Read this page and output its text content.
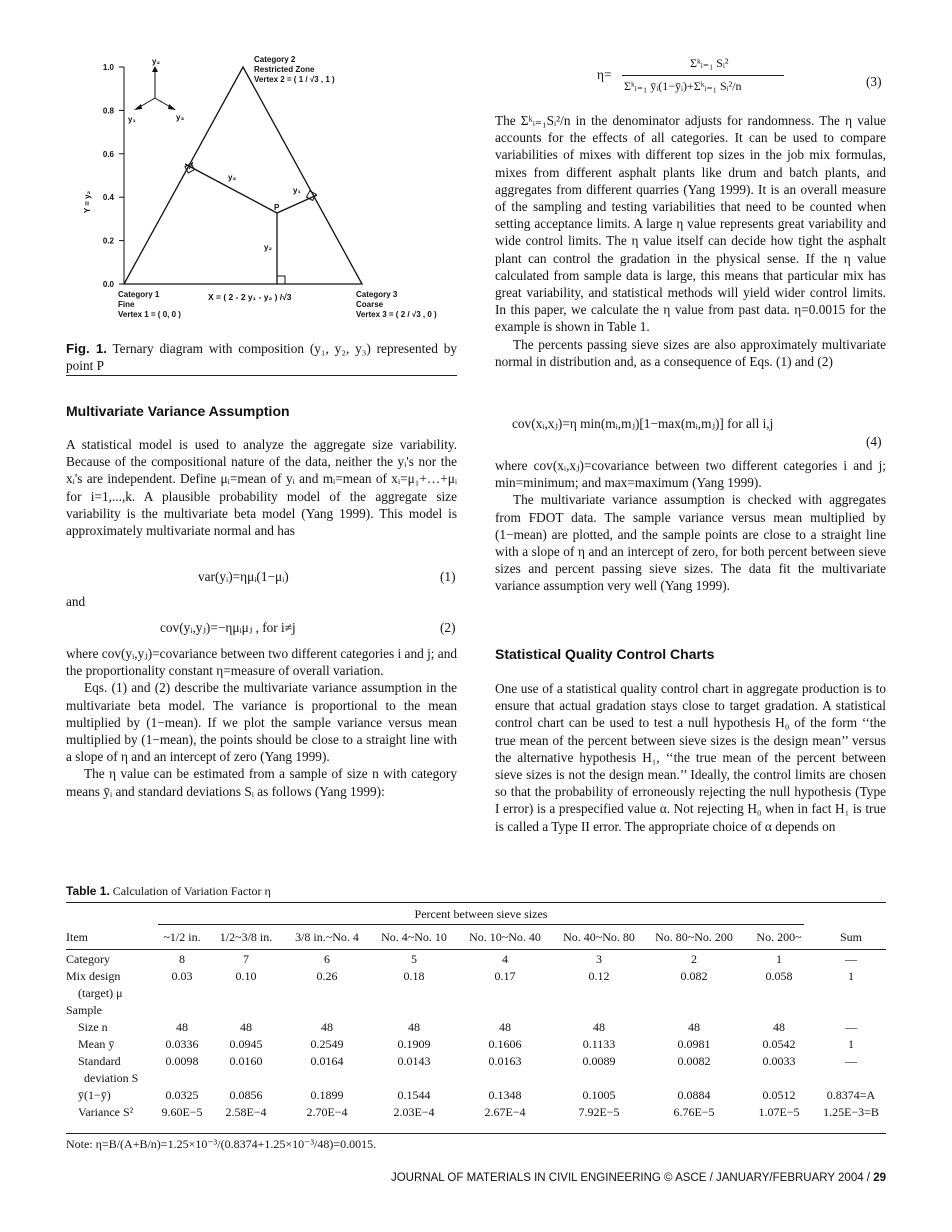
1.0
0.8
0.6
0.4
0.2
0.0
Y = y₂	P
y₂
y₃
y₁
y₂
y₁	y₃
Category 2
Restricted Zone
Vertex 2 = ( 1 / √3 , 1 )
Category 1
Fine
Vertex 1 = ( 0, 0 )
Category 3
Coarse
Vertex 3 = ( 2 / √3 , 0 )
X = ( 2 - 2 y₁ - y₂ ) /√3
Fig. 1. Ternary diagram with composition (y₁, y₂, y₃) represented by point P
Multivariate Variance Assumption

A statistical model is used to analyze the aggregate size variability. Because of the compositional nature of the data, neither the yᵢ's nor the xᵢ's are independent. Define μᵢ=mean of yᵢ and mᵢ=mean of xᵢ=μ₁+…+μᵢ for i=1,...,k. A plausible probability model of the aggregate size variability is the multivariate beta model (Yang 1999). This model is approximately multivariate normal and has

var(yᵢ)=ημᵢ(1−μᵢ)	(1)
and
cov(yᵢ,yⱼ)=−ημᵢμⱼ , for i≠j	(2)

where cov(yᵢ,yⱼ)=covariance between two different categories i and j; and the proportionality constant η=measure of overall variation.

Eqs. (1) and (2) describe the multivariate variance assumption in the multivariate beta model. The variance is proportional to the mean multiplied by (1−mean). If we plot the sample variance versus mean multiplied by (1−mean), the points should be close to a straight line with a slope of η and an intercept of zero (Yang 1999).

The η value can be estimated from a sample of size n with category means ȳᵢ and standard deviations Sᵢ as follows (Yang 1999):

η=
Σᵏᵢ₌₁ Sᵢ²
Σᵏᵢ₌₁ ȳᵢ(1−ȳᵢ)+Σᵏᵢ₌₁ Sᵢ²/n	(3)

The Σᵏᵢ₌₁Sᵢ²/n in the denominator adjusts for randomness. The η value accounts for the effects of all categories. It can be used to compare variabilities of mixes with different top sizes in the job mix formulas, mixes from different asphalt plants like drum and batch plants, and aggregates from different quarries (Yang 1999). It is an overall measure of the sampling and testing variabilities that need to be counted when setting acceptance limits. A large η value represents great variability and wide control limits. The η value itself can decide how tight the asphalt plant can control the gradation in the physical sense. If the η value calculated from sample data is large, this means that particular mix has great variability, and statistical methods will yield wider control limits. In this paper, we calculate the η value from past data. η=0.0015 for the example is shown in Table 1.

The percents passing sieve sizes are also approximately multivariate normal in distribution and, as a consequence of Eqs. (1) and (2)

cov(xᵢ,xⱼ)=η min(mᵢ,mⱼ)[1−max(mᵢ,mⱼ)] for all i,j
(4)

where cov(xᵢ,xⱼ)=covariance between two different categories i and j; min=minimum; and max=maximum (Yang 1999).

The multivariate variance assumption is checked with aggregates from FDOT data. The sample variance versus mean multiplied by (1−mean) are plotted, and the sample points are close to a straight line with a slope of η and an intercept of zero, for both percent between sieve sizes and percent passing sieve sizes. The data fit the multivariate variance assumption very well (Yang 1999).

Statistical Quality Control Charts

One use of a statistical quality control chart in aggregate production is to ensure that actual gradation stays close to target gradation. A statistical control chart can be used to test a null hypothesis H₀ of the form ‘‘the true mean of the percent between sieve sizes is the design mean’’ versus the alternative hypothesis H₁, ‘‘the true mean of the percent between sieve sizes is not the design mean.’’ Ideally, the control limits are chosen so that the probability of erroneously rejecting the null hypothesis (Type I error) is a prespecified value α. Not rejecting H₀ when in fact H₁ is true is called a Type II error. The appropriate choice of α depends on

Table 1. Calculation of Variation Factor η
Percent between sieve sizes
Item	~1/2 in.	1/2~3/8 in.	3/8 in.~No. 4	No. 4~No. 10	No. 10~No. 40	No. 40~No. 80	No. 80~No. 200	No. 200~	Sum
Category	8	7	6	5	4	3	2	1	—
Mix design	0.03	0.10	0.26	0.18	0.17	0.12	0.082	0.058	1
(target) μ									
Sample									
Size n	48	48	48	48	48	48	48	48	—
Mean ȳ	0.0336	0.0945	0.2549	0.1909	0.1606	0.1133	0.0981	0.0542	1
Standard	0.0098	0.0160	0.0164	0.0143	0.0163	0.0089	0.0082	0.0033	—
deviation S									
ȳ(1−ȳ)	0.0325	0.0856	0.1899	0.1544	0.1348	0.1005	0.0884	0.0512	0.8374=A
Variance S²	9.60E−5	2.58E−4	2.70E−4	2.03E−4	2.67E−4	7.92E−5	6.76E−5	1.07E−5	1.25E−3=B
Note: η=B/(A+B/n)=1.25×10⁻³/(0.8374+1.25×10⁻³/48)=0.0015.
JOURNAL OF MATERIALS IN CIVIL ENGINEERING © ASCE / JANUARY/FEBRUARY 2004 / 29
